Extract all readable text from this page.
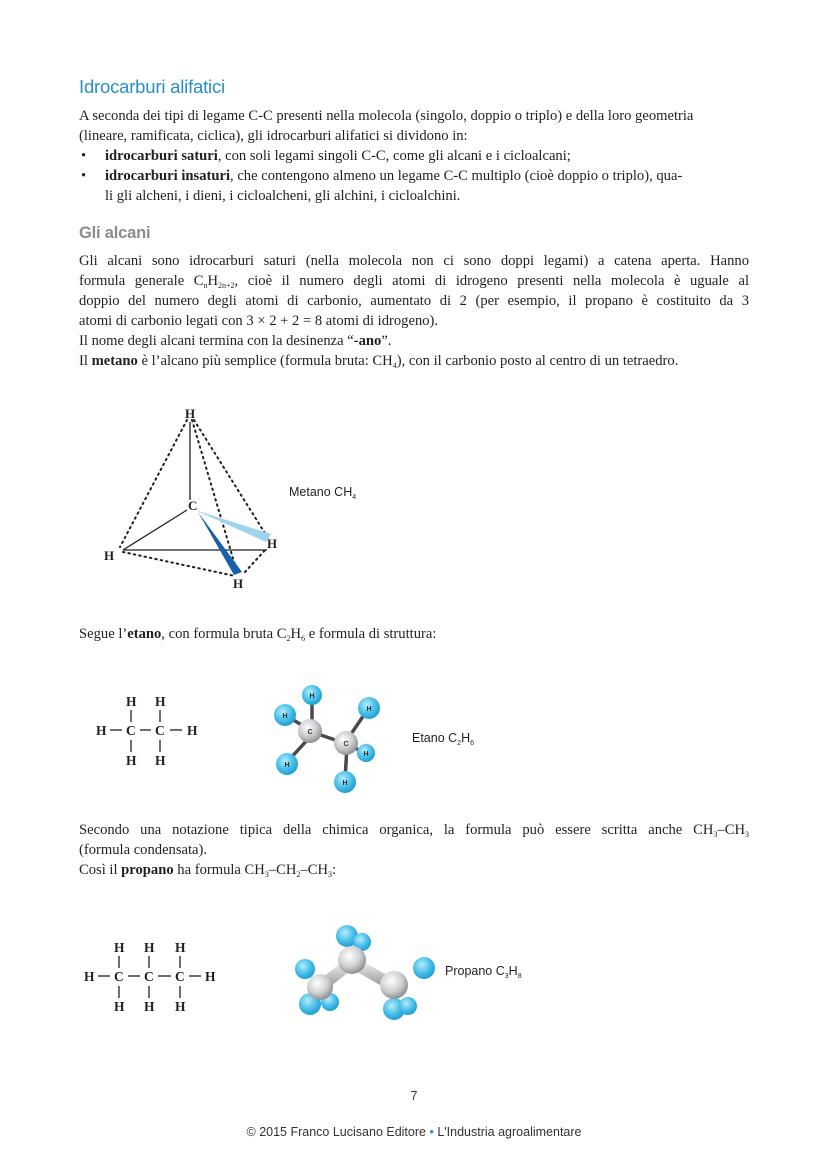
Idrocarburi alifatici
A seconda dei tipi di legame C-C presenti nella molecola (singolo, doppio o triplo) e della loro geometria
(lineare, ramificata, ciclica), gli idrocarburi alifatici si dividono in:
• idrocarburi saturi, con soli legami singoli C-C, come gli alcani e i cicloalcani;
• idrocarburi insaturi, che contengono almeno un legame C-C multiplo (cioè doppio o triplo), qua-
li gli alcheni, i dieni, i cicloalcheni, gli alchini, i cicloalchini.
Gli alcani
Gli alcani sono idrocarburi saturi (nella molecola non ci sono doppi legami) a catena aperta. Hanno
formula generale $C_nH_{2n+2}$, cioè il numero degli atomi di idrogeno presenti nella molecola è uguale al
doppio del numero degli atomi di carbonio, aumentato di 2 (per esempio, il propano è costituito da 3
atomi di carbonio legati con 3 × 2 + 2 = 8 atomi di idrogeno).
Il nome degli alcani termina con la desinenza “-ano”.
Il metano è l’alcano più semplice (formula bruta: $CH_4$), con il carbonio posto al centro di un tetraedro.
H
C
H
H
H
Metano $CH_4$
Segue l’etano, con formula bruta $C_2H_6$ e formula di struttura:
H H
H C C H
H H
H
H
H
H
H
H
C
C	Etano $C_2H_6$
Secondo una notazione tipica della chimica organica, la formula può essere scritta anche $CH_3-CH_3$
(formula condensata).
Così il propano ha formula $CH_3-CH_2-CH_3$:
H H H
H C C C H
H H H
Propano $C_3H_8$
7
© 2015 Franco Lucisano Editore • L'Industria agroalimentare
